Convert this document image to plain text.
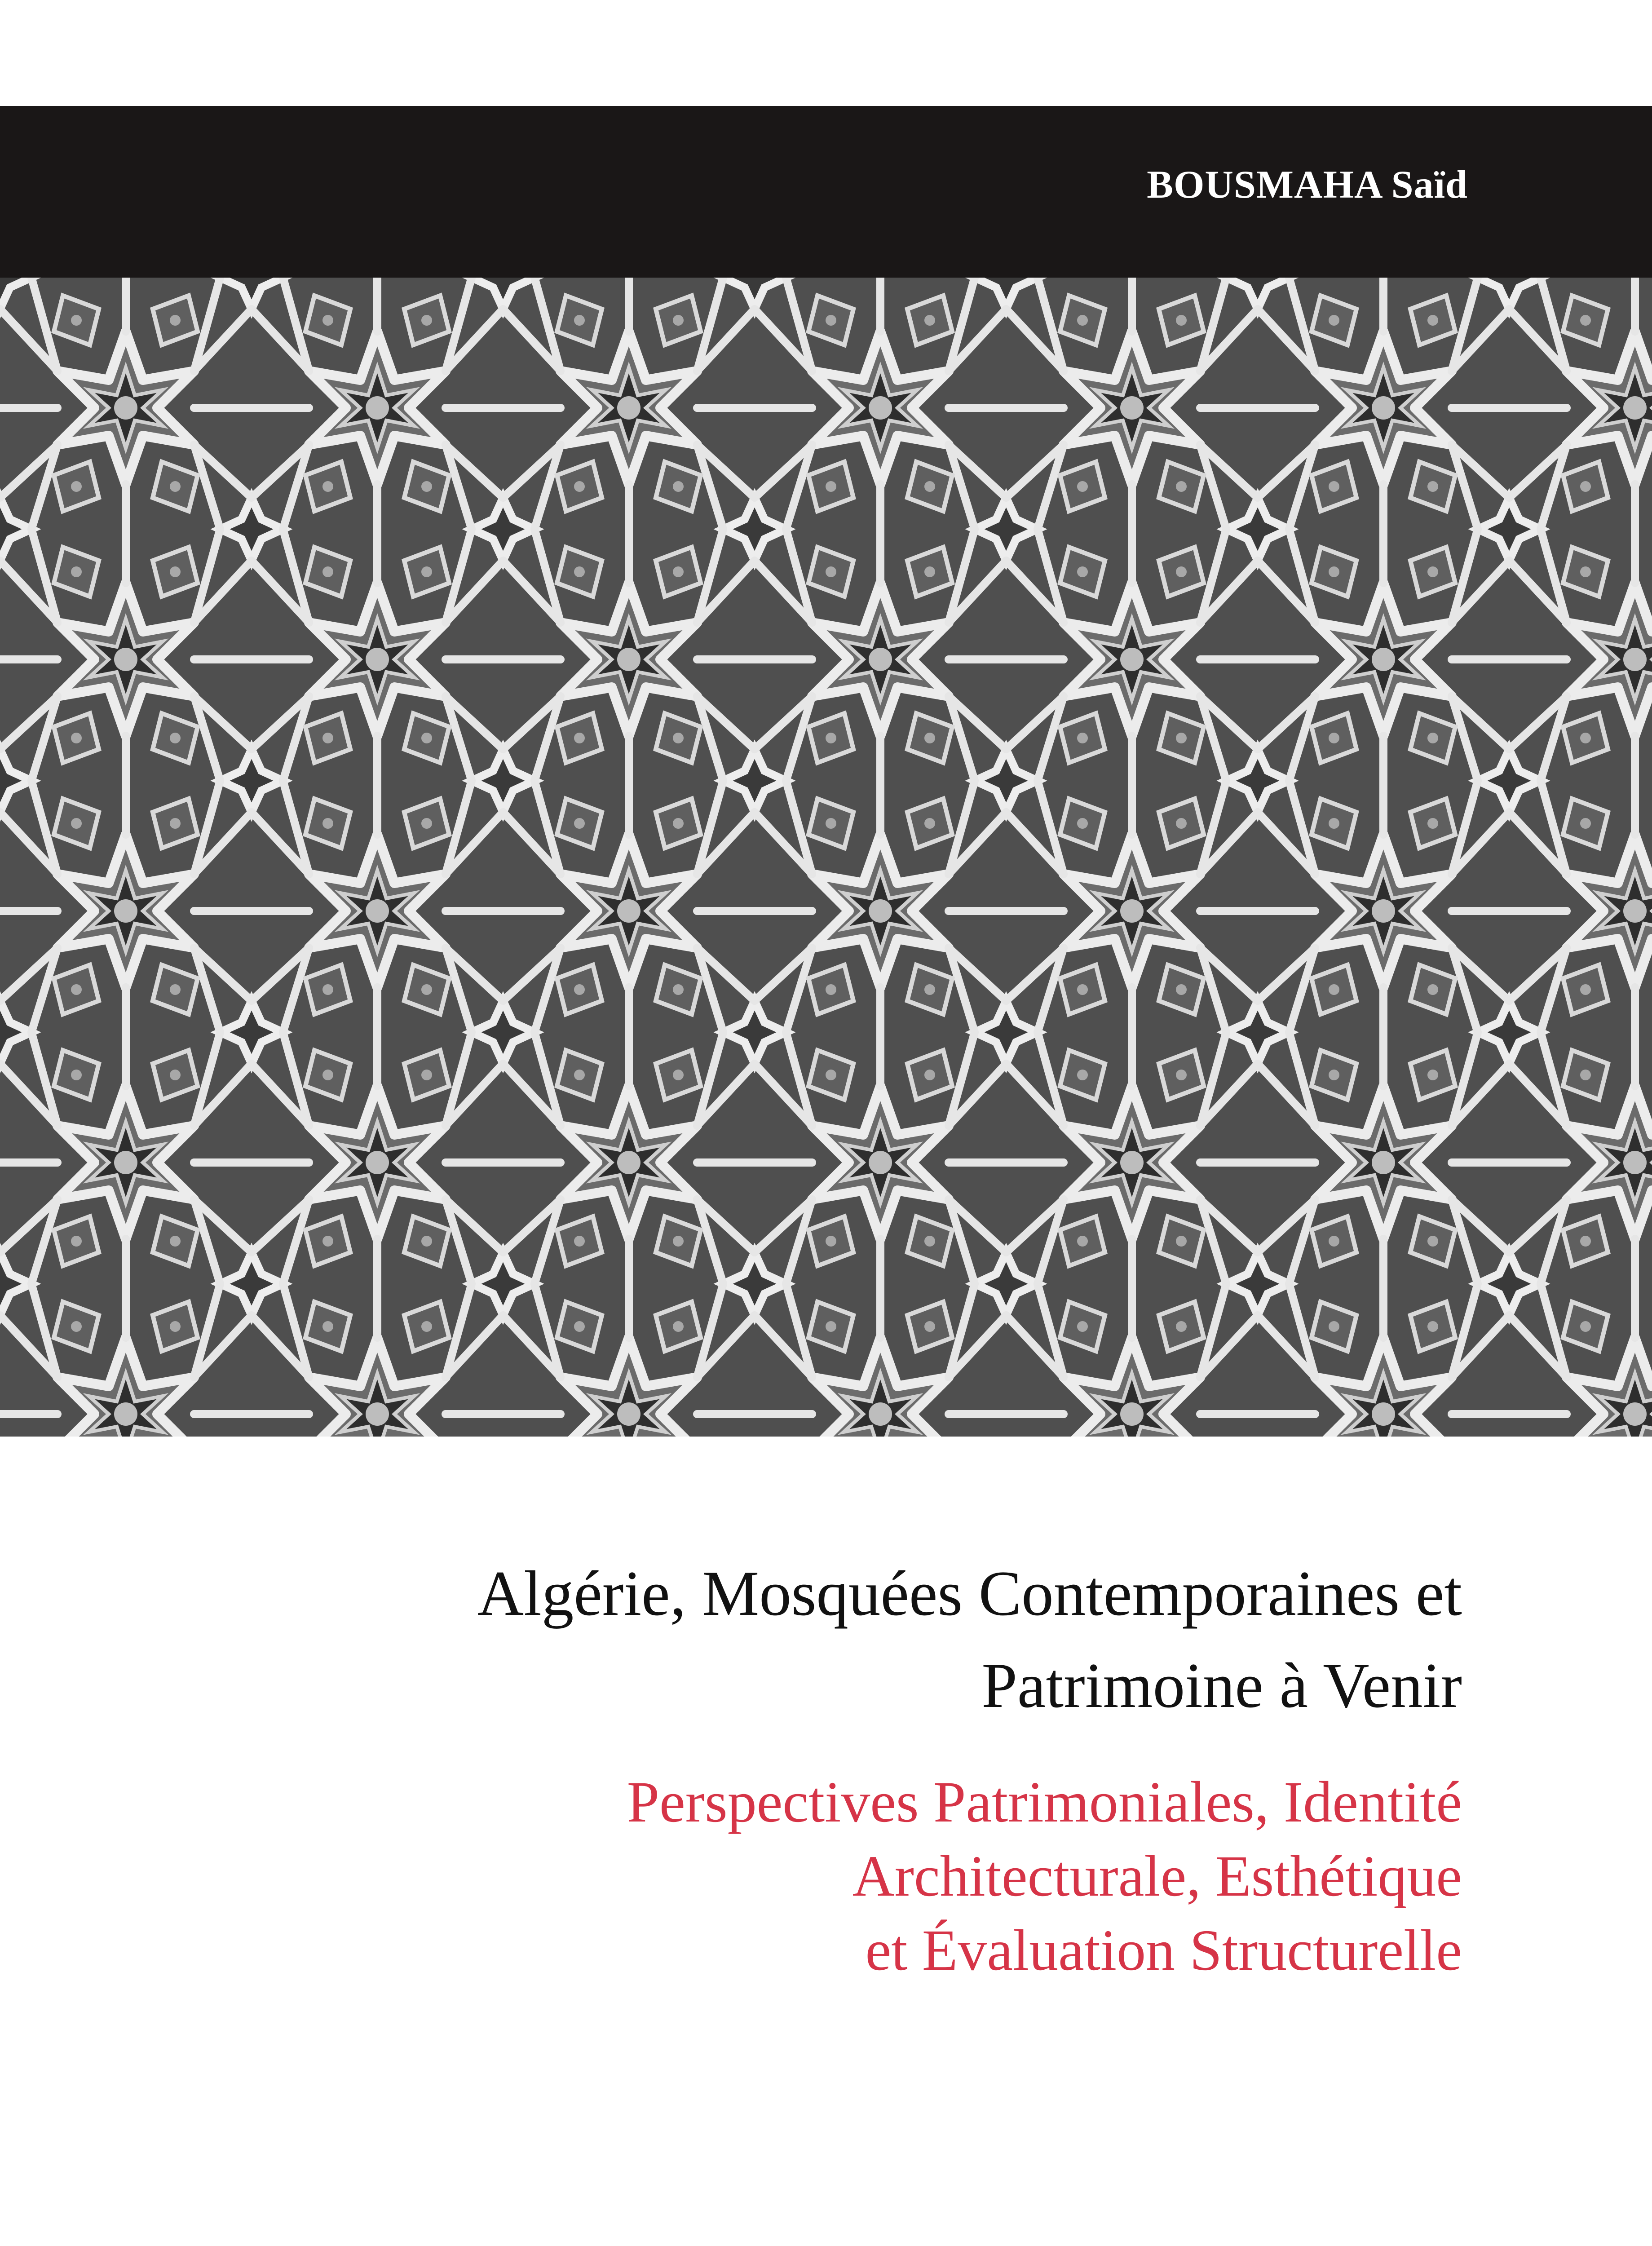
BOUSMAHA Saïd
Algérie, Mosquées Contemporaines et
Patrimoine à Venir
Perspectives Patrimoniales, Identité
Architecturale, Esthétique
et Évaluation Structurelle
